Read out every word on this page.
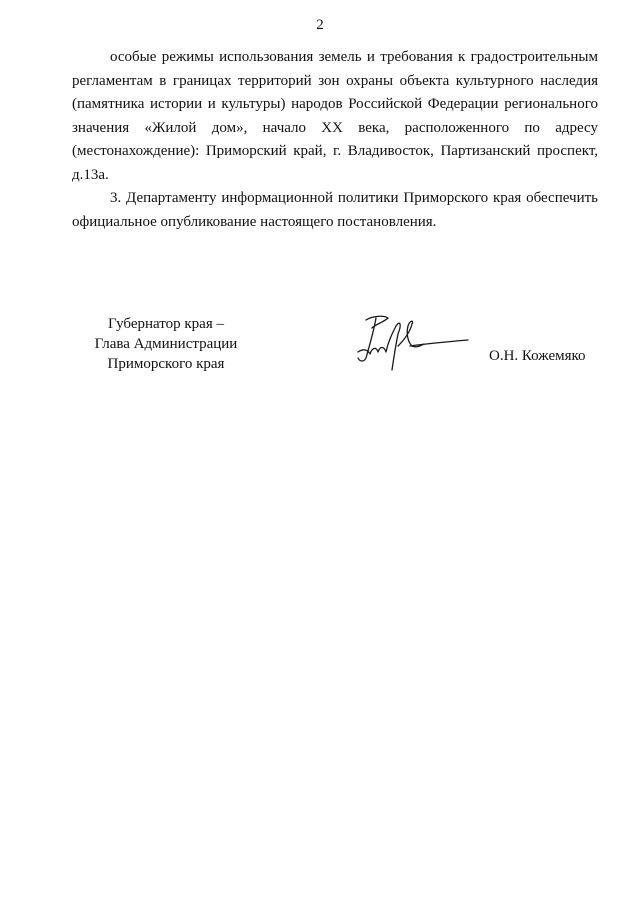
2

особые режимы использования земель и требования к градостроительным регламентам в границах территорий зон охраны объекта культурного наследия (памятника истории и культуры) народов Российской Федерации регионального значения «Жилой дом», начало XX века, расположенного по адресу (местонахождение): Приморский край, г. Владивосток, Партизанский проспект, д.13а.

3. Департаменту информационной политики Приморского края обеспечить официальное опубликование настоящего постановления.

Губернатор края –
Глава Администрации
Приморского края	О.Н. Кожемяко
